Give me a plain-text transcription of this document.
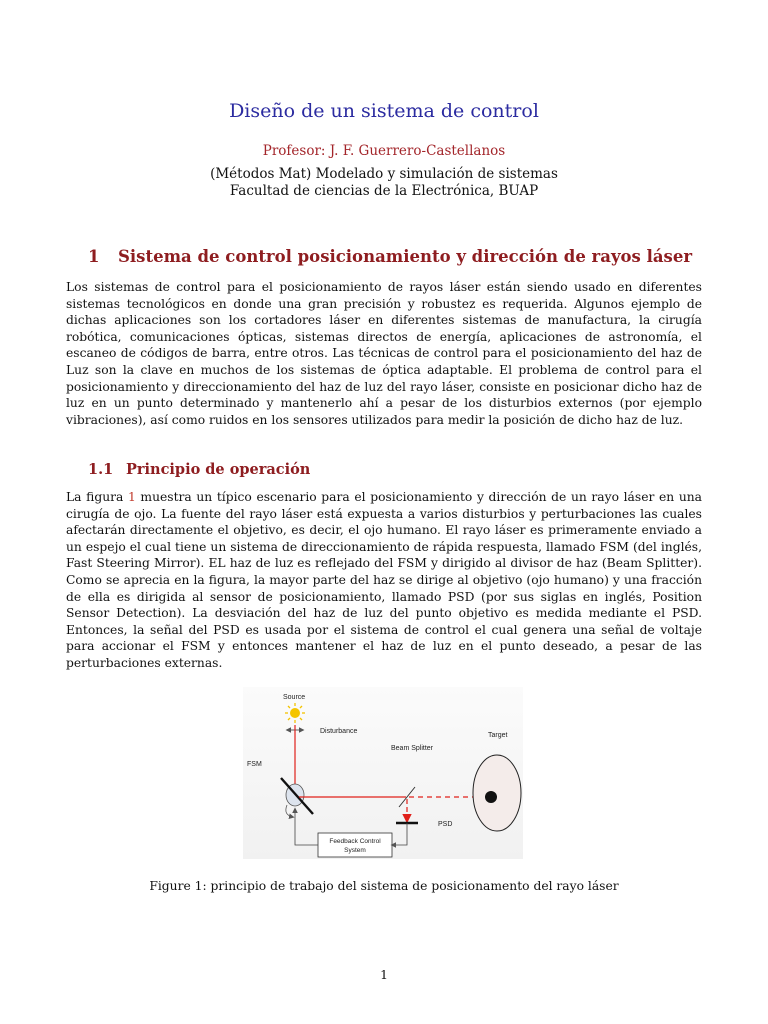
Diseño de un sistema de control

Profesor: J. F. Guerrero-Castellanos

(Métodos Mat) Modelado y simulación de sistemas
Facultad de ciencias de la Electrónica, BUAP
1 Sistema de control posicionamiento y dirección de rayos láser

Los sistemas de control para el posicionamiento de rayos láser están siendo usado en diferentes sistemas tecnológicos en donde una gran precisión y robustez es requerida. Algunos ejemplo de dichas aplicaciones son los cortadores láser en diferentes sistemas de manufactura, la cirugía robótica, comunicaciones ópticas, sistemas directos de energía, aplicaciones de astronomía, el escaneo de códigos de barra, entre otros. Las técnicas de control para el posicionamiento del haz de Luz son la clave en muchos de los sistemas de óptica adaptable. El problema de control para el posicionamiento y direccionamiento del haz de luz del rayo láser, consiste en posicionar dicho haz de luz en un punto determinado y mantenerlo ahí a pesar de los disturbios externos (por ejemplo vibraciones), así como ruidos en los sensores utilizados para medir la posición de dicho haz de luz.

1.1 Principio de operación

La figura 1 muestra un típico escenario para el posicionamiento y dirección de un rayo láser en una cirugía de ojo. La fuente del rayo láser está expuesta a varios disturbios y perturbaciones las cuales afectarán directamente el objetivo, es decir, el ojo humano. El rayo láser es primeramente enviado a un espejo el cual tiene un sistema de direccionamiento de rápida respuesta, llamado FSM (del inglés, Fast Steering Mirror). EL haz de luz es reflejado del FSM y dirigido al divisor de haz (Beam Splitter). Como se aprecia en la figura, la mayor parte del haz se dirige al objetivo (ojo humano) y una fracción de ella es dirigida al sensor de posicionamiento, llamado PSD (por sus siglas en inglés, Position Sensor Detection). La desviación del haz de luz del punto objetivo es medida mediante el PSD. Entonces, la señal del PSD es usada por el sistema de control el cual genera una señal de voltaje para accionar el FSM y entonces mantener el haz de luz en el punto deseado, a pesar de las perturbaciones externas.

Source
Disturbance
FSM
Beam Splitter
Target
PSD
Feedback Control
System

Figure 1: principio de trabajo del sistema de posicionamento del rayo láser

1
